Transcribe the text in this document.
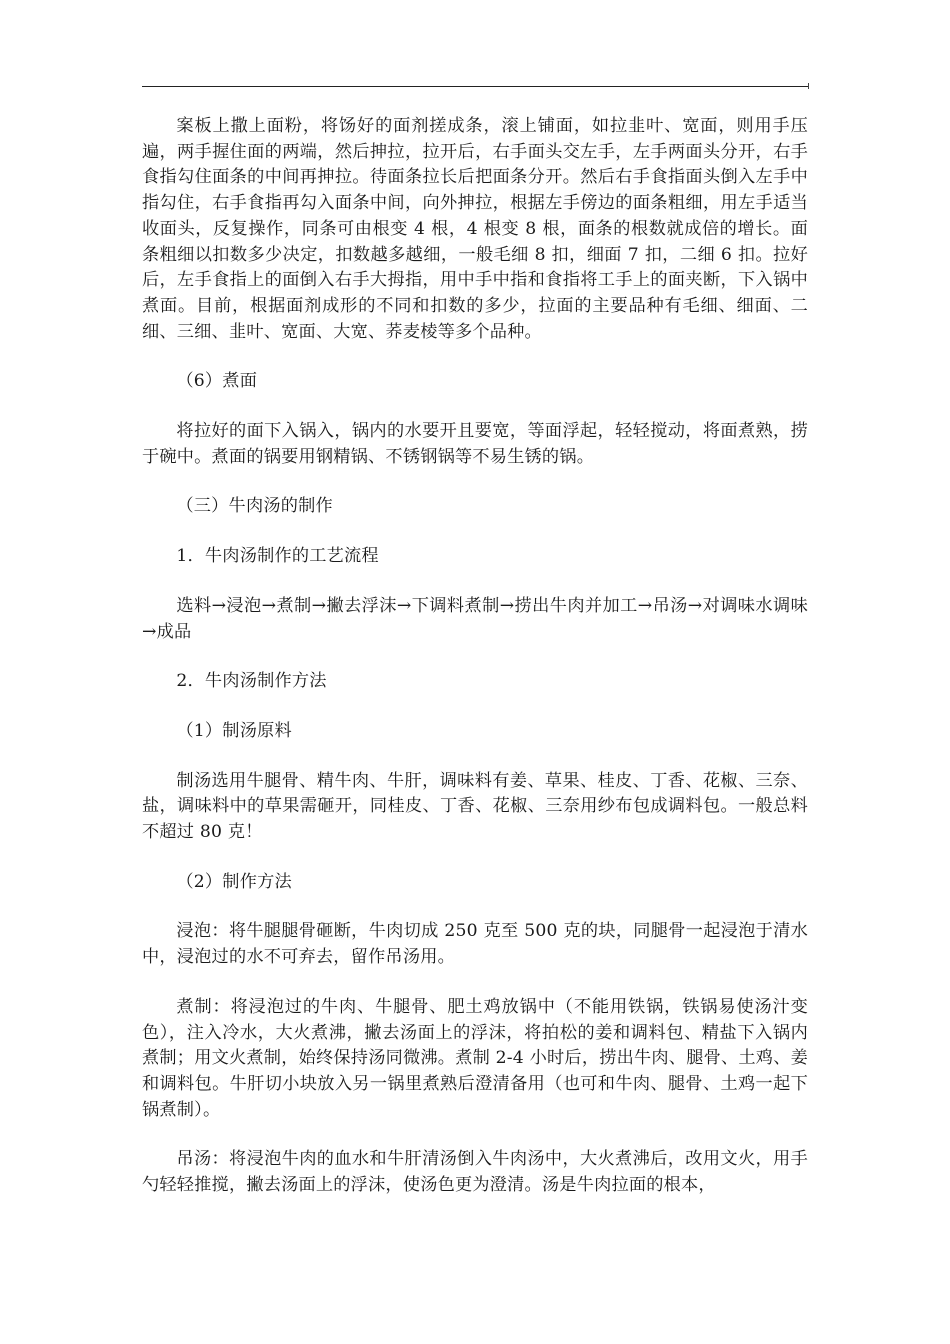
案板上撒上面粉，将饧好的面剂搓成条，滚上铺面，如拉韭叶、宽面，则用手压遍，两手握住面的两端，然后抻拉，拉开后，右手面头交左手，左手两面头分开，右手食指勾住面条的中间再抻拉。待面条拉长后把面条分开。然后右手食指面头倒入左手中指勾住，右手食指再勾入面条中间，向外抻拉，根据左手傍边的面条粗细，用左手适当收面头，反复操作，同条可由根变 4 根，4 根变 8 根，面条的根数就成倍的增长。面条粗细以扣数多少决定，扣数越多越细，一般毛细 8 扣，细面 7 扣，二细 6 扣。拉好后，左手食指上的面倒入右手大拇指，用中手中指和食指将工手上的面夹断，下入锅中煮面。目前，根据面剂成形的不同和扣数的多少，拉面的主要品种有毛细、细面、二细、三细、韭叶、宽面、大宽、荞麦棱等多个品种。

（6）煮面

将拉好的面下入锅入，锅内的水要开且要宽，等面浮起，轻轻搅动，将面煮熟，捞于碗中。煮面的锅要用钢精锅、不锈钢锅等不易生锈的锅。

（三）牛肉汤的制作

1．牛肉汤制作的工艺流程

选料→浸泡→煮制→撇去浮沫→下调料煮制→捞出牛肉并加工→吊汤→对调味水调味→成品

2．牛肉汤制作方法

（1）制汤原料

制汤选用牛腿骨、精牛肉、牛肝，调味料有姜、草果、桂皮、丁香、花椒、三奈、盐，调味料中的草果需砸开，同桂皮、丁香、花椒、三奈用纱布包成调料包。一般总料不超过 80 克！

（2）制作方法

浸泡：将牛腿腿骨砸断，牛肉切成 250 克至 500 克的块，同腿骨一起浸泡于清水中，浸泡过的水不可弃去，留作吊汤用。

煮制：将浸泡过的牛肉、牛腿骨、肥土鸡放锅中（不能用铁锅，铁锅易使汤汁变色），注入冷水，大火煮沸，撇去汤面上的浮沫，将拍松的姜和调料包、精盐下入锅内煮制；用文火煮制，始终保持汤同微沸。煮制 2-4 小时后，捞出牛肉、腿骨、土鸡、姜和调料包。牛肝切小块放入另一锅里煮熟后澄清备用（也可和牛肉、腿骨、土鸡一起下锅煮制）。

吊汤：将浸泡牛肉的血水和牛肝清汤倒入牛肉汤中，大火煮沸后，改用文火，用手勺轻轻推搅，撇去汤面上的浮沫，使汤色更为澄清。汤是牛肉拉面的根本，
